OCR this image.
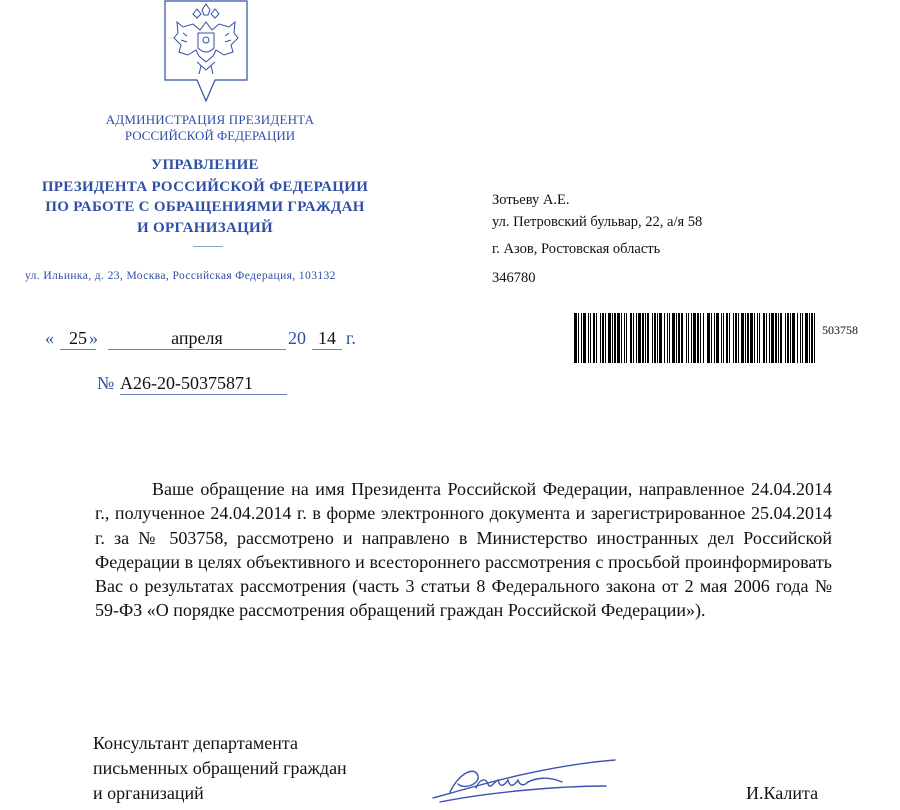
АДМИНИСТРАЦИЯ ПРЕЗИДЕНТА
РОССИЙСКОЙ ФЕДЕРАЦИИ
УПРАВЛЕНИЕ
ПРЕЗИДЕНТА РОССИЙСКОЙ ФЕДЕРАЦИИ
ПО РАБОТЕ С ОБРАЩЕНИЯМИ ГРАЖДАН
И ОРГАНИЗАЦИЙ
ул. Ильинка, д. 23, Москва, Российская Федерация, 103132
Зотьеву А.Е.
ул. Петровский бульвар, 22, а/я 58
г. Азов, Ростовская область
346780
503758
« 25 »	апреля	20 14 г.
№ А26-20-50375871

Ваше обращение на имя Президента Российской Федерации, направленное 24.04.2014 г., полученное 24.04.2014 г. в форме электронного документа и зарегистрированное 25.04.2014 г. за № 503758, рассмотрено и направлено в Министерство иностранных дел Российской Федерации в целях объективного и всестороннего рассмотрения с просьбой проинформировать Вас о результатах рассмотрения (часть 3 статьи 8 Федерального закона от 2 мая 2006 года № 59-ФЗ «О порядке рассмотрения обращений граждан Российской Федерации»).

Консультант департамента
письменных обращений граждан
и организаций	И.Калита
